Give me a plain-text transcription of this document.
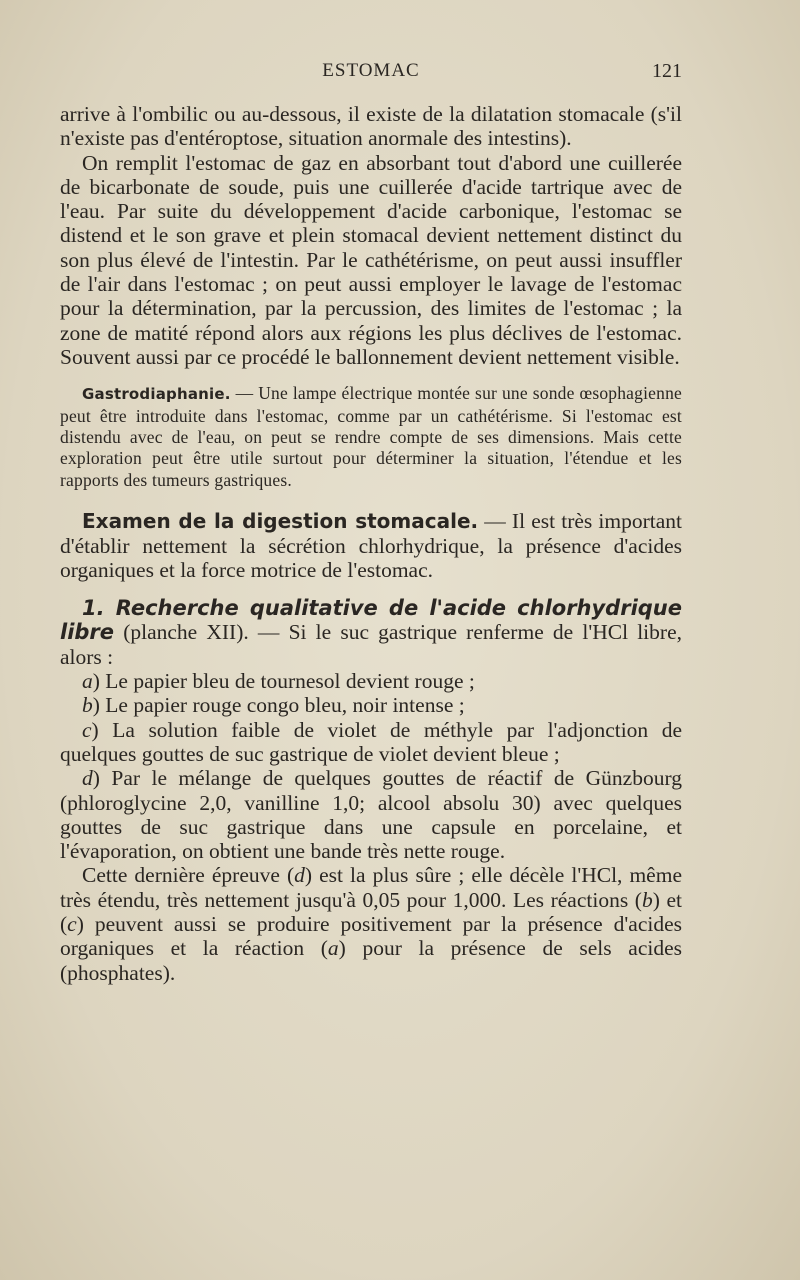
ESTOMAC	121

arrive à l'ombilic ou au-dessous, il existe de la dilatation stomacale (s'il n'existe pas d'entéroptose, situation anormale des intestins).

On remplit l'estomac de gaz en absorbant tout d'abord une cuillerée de bicarbonate de soude, puis une cuillerée d'acide tartrique avec de l'eau. Par suite du développement d'acide carbonique, l'estomac se distend et le son grave et plein stomacal devient nettement distinct du son plus élevé de l'intestin. Par le cathétérisme, on peut aussi insuffler de l'air dans l'estomac ; on peut aussi employer le lavage de l'estomac pour la détermination, par la percussion, des limites de l'estomac ; la zone de matité répond alors aux régions les plus déclives de l'estomac. Souvent aussi par ce procédé le ballonnement devient nettement visible.

Gastrodiaphanie. — Une lampe électrique montée sur une sonde œsophagienne peut être introduite dans l'estomac, comme par un cathétérisme. Si l'estomac est distendu avec de l'eau, on peut se rendre compte de ses dimensions. Mais cette exploration peut être utile surtout pour déterminer la situation, l'étendue et les rapports des tumeurs gastriques.

Examen de la digestion stomacale. — Il est très important d'établir nettement la sécrétion chlorhydrique, la présence d'acides organiques et la force motrice de l'estomac.

1. Recherche qualitative de l'acide chlorhydrique libre (planche XII). — Si le suc gastrique renferme de l'HCl libre, alors :

a) Le papier bleu de tournesol devient rouge ;

b) Le papier rouge congo bleu, noir intense ;

c) La solution faible de violet de méthyle par l'adjonction de quelques gouttes de suc gastrique de violet devient bleue ;

d) Par le mélange de quelques gouttes de réactif de Günzbourg (phloroglycine 2,0, vanilline 1,0; alcool absolu 30) avec quelques gouttes de suc gastrique dans une capsule en porcelaine, et l'évaporation, on obtient une bande très nette rouge.

Cette dernière épreuve (d) est la plus sûre ; elle décèle l'HCl, même très étendu, très nettement jusqu'à 0,05 pour 1,000. Les réactions (b) et (c) peuvent aussi se produire positivement par la présence d'acides organiques et la réaction (a) pour la présence de sels acides (phosphates).
